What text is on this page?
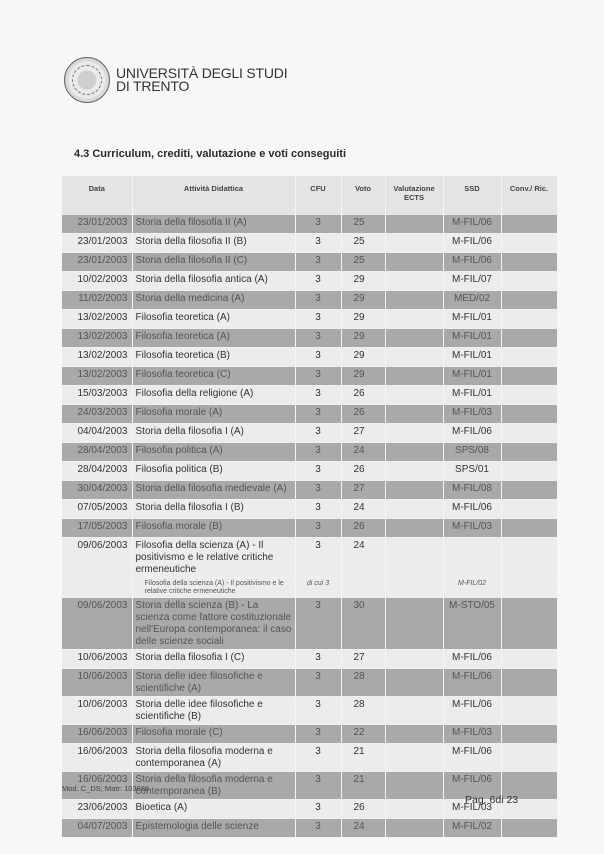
UNIVERSITÀ DEGLI STUDI
DI TRENTO
4.3 Curriculum, crediti, valutazione e voti conseguiti
Data	Attività Didattica	CFU	Voto	Valutazione ECTS	SSD	Conv./ Ric.
23/01/2003	Storia della filosofia II (A)	3	25		M-FIL/06	
23/01/2003	Storia della filosofia II (B)	3	25		M-FIL/06	
23/01/2003	Storia della filosofia II (C)	3	25		M-FIL/06	
10/02/2003	Storia della filosofia antica (A)	3	29		M-FIL/07	
11/02/2003	Storia della medicina (A)	3	29		MED/02	
13/02/2003	Filosofia teoretica (A)	3	29		M-FIL/01	
13/02/2003	Filosofia teoretica (A)	3	29		M-FIL/01	
13/02/2003	Filosofia teoretica (B)	3	29		M-FIL/01	
13/02/2003	Filosofia teoretica (C)	3	29		M-FIL/01	
15/03/2003	Filosofia della religione (A)	3	26		M-FIL/01	
24/03/2003	Filosofia morale (A)	3	26		M-FIL/03	
04/04/2003	Storia della filosofia I (A)	3	27		M-FIL/06	
28/04/2003	Filosofia politica (A)	3	24		SPS/08	
28/04/2003	Filosofia politica (B)	3	26		SPS/01	
30/04/2003	Storia della filosofia medievale (A)	3	27		M-FIL/08	
07/05/2003	Storia della filosofia I (B)	3	24		M-FIL/06	
17/05/2003	Filosofia morale (B)	3	26		M-FIL/03	
09/06/2003	Filosofia della scienza (A) - Il positivismo e le relative critiche ermeneutiche	3	24			
	Filosofia della scienza (A) - Il positivismo e le relative critiche ermeneutiche	di cui 3			M-FIL/02	
09/06/2003	Storia della scienza (B) - La scienza come fattore costituzionale nell'Europa contemporanea: il caso delle scienze sociali	3	30		M-STO/05	
10/06/2003	Storia della filosofia I (C)	3	27		M-FIL/06	
10/06/2003	Storia delle idee filosofiche e scientifiche (A)	3	28		M-FIL/06	
10/06/2003	Storia delle idee filosofiche e scientifiche (B)	3	28		M-FIL/06	
16/06/2003	Filosofia morale (C)	3	22		M-FIL/03	
16/06/2003	Storia della filosofia moderna e contemporanea (A)	3	21		M-FIL/06	
16/06/2003	Storia della filosofia moderna e contemporanea (B)	3	21		M-FIL/06	
23/06/2003	Bioetica (A)	3	26		M-FIL/03	
04/07/2003	Epistemologia delle scienze	3	24		M-FIL/02	
Mod. C_DS; Matr: 103686
Pag. 6di 23
